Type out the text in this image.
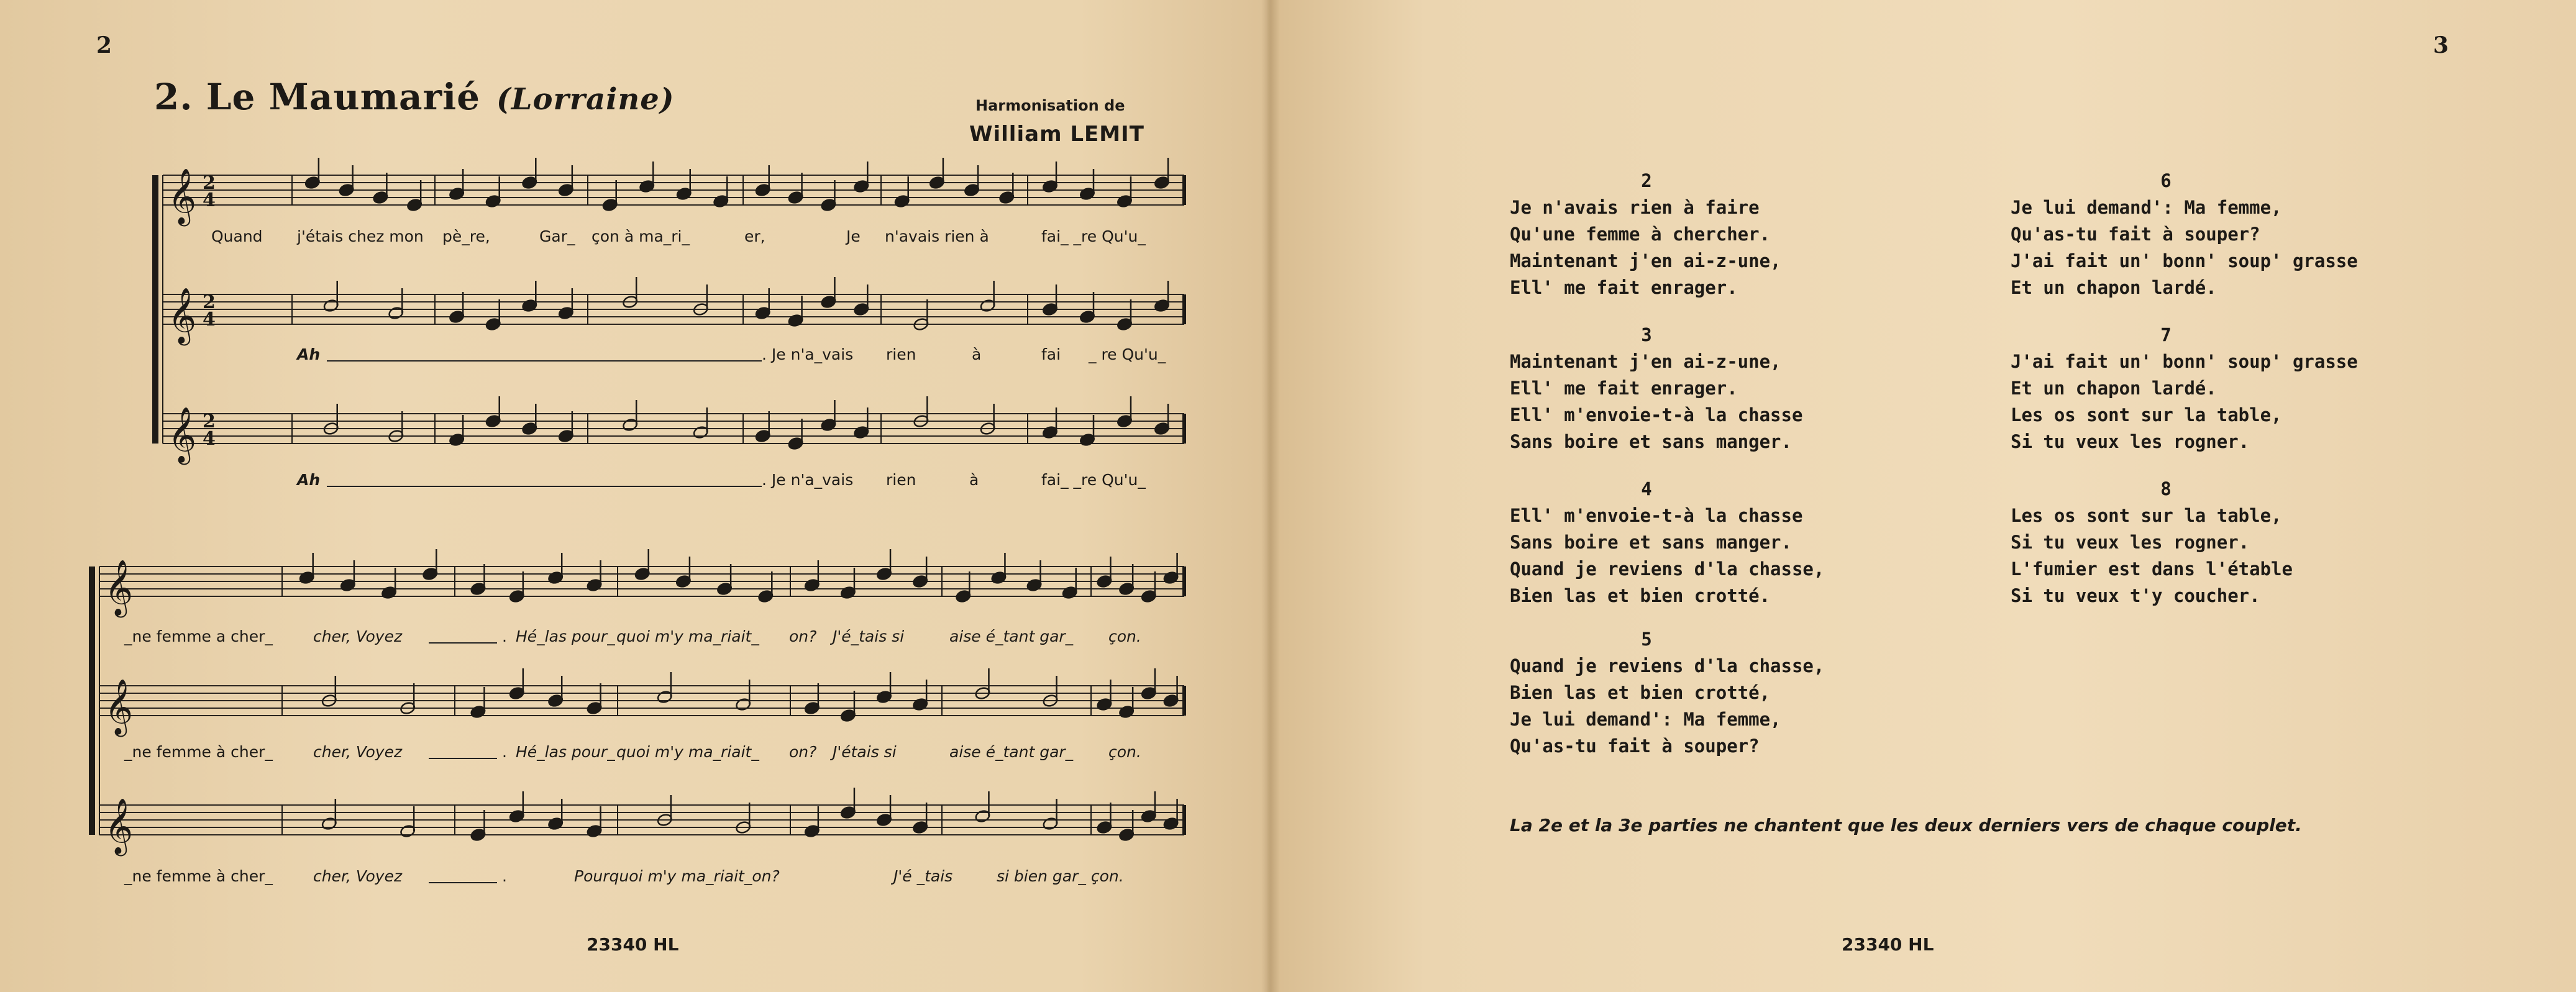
2
2. Le Maumarié (Lorraine)	Harmonisation de
William LEMIT
𝄞 2
4
𝄞 2
4
𝄞 2
4
𝄞
𝄞
𝄞
Quand j'étais chez mon pè_re,	Gar_ çon à ma_ri_	er,	Je n'avais rien à	fai_ _re Qu'u_
Ah	. Je n'a_vais rien	à	fai _ re Qu'u_
Ah	. Je n'a_vais rien	à	fai_ _re Qu'u_
_ne femme a cher_	cher, Voyez	. Hé_las pour_ quoi m'y ma_riait_ on? J'é_tais si	aise é_tant gar_ çon.
_ne femme à cher_	cher, Voyez	. Hé_las pour_ quoi m'y ma_riait_ on? J'étais si	aise é_tant gar_ çon.
_ne femme à cher_	cher, Voyez	.	Pourquoi m'y ma_riait_on?	J'é _tais	si bien gar_ çon.
23340 HL
3
2
Je n'avais rien à faire
Qu'une femme à chercher.
Maintenant j'en ai-z-une,
Ell' me fait enrager.
3
Maintenant j'en ai-z-une,
Ell' me fait enrager.
Ell' m'envoie-t-à la chasse
Sans boire et sans manger.
4
Ell' m'envoie-t-à la chasse
Sans boire et sans manger.
Quand je reviens d'la chasse,
Bien las et bien crotté.
5
Quand je reviens d'la chasse,
Bien las et bien crotté,
Je lui demand': Ma femme,
Qu'as-tu fait à souper?
6
Je lui demand': Ma femme,
Qu'as-tu fait à souper?
J'ai fait un' bonn' soup' grasse
Et un chapon lardé.
7
J'ai fait un' bonn' soup' grasse
Et un chapon lardé.
Les os sont sur la table,
Si tu veux les rogner.
8
Les os sont sur la table,
Si tu veux les rogner.
L'fumier est dans l'étable
Si tu veux t'y coucher.
La 2e et la 3e parties ne chantent que les deux derniers vers de chaque couplet.
23340 HL
